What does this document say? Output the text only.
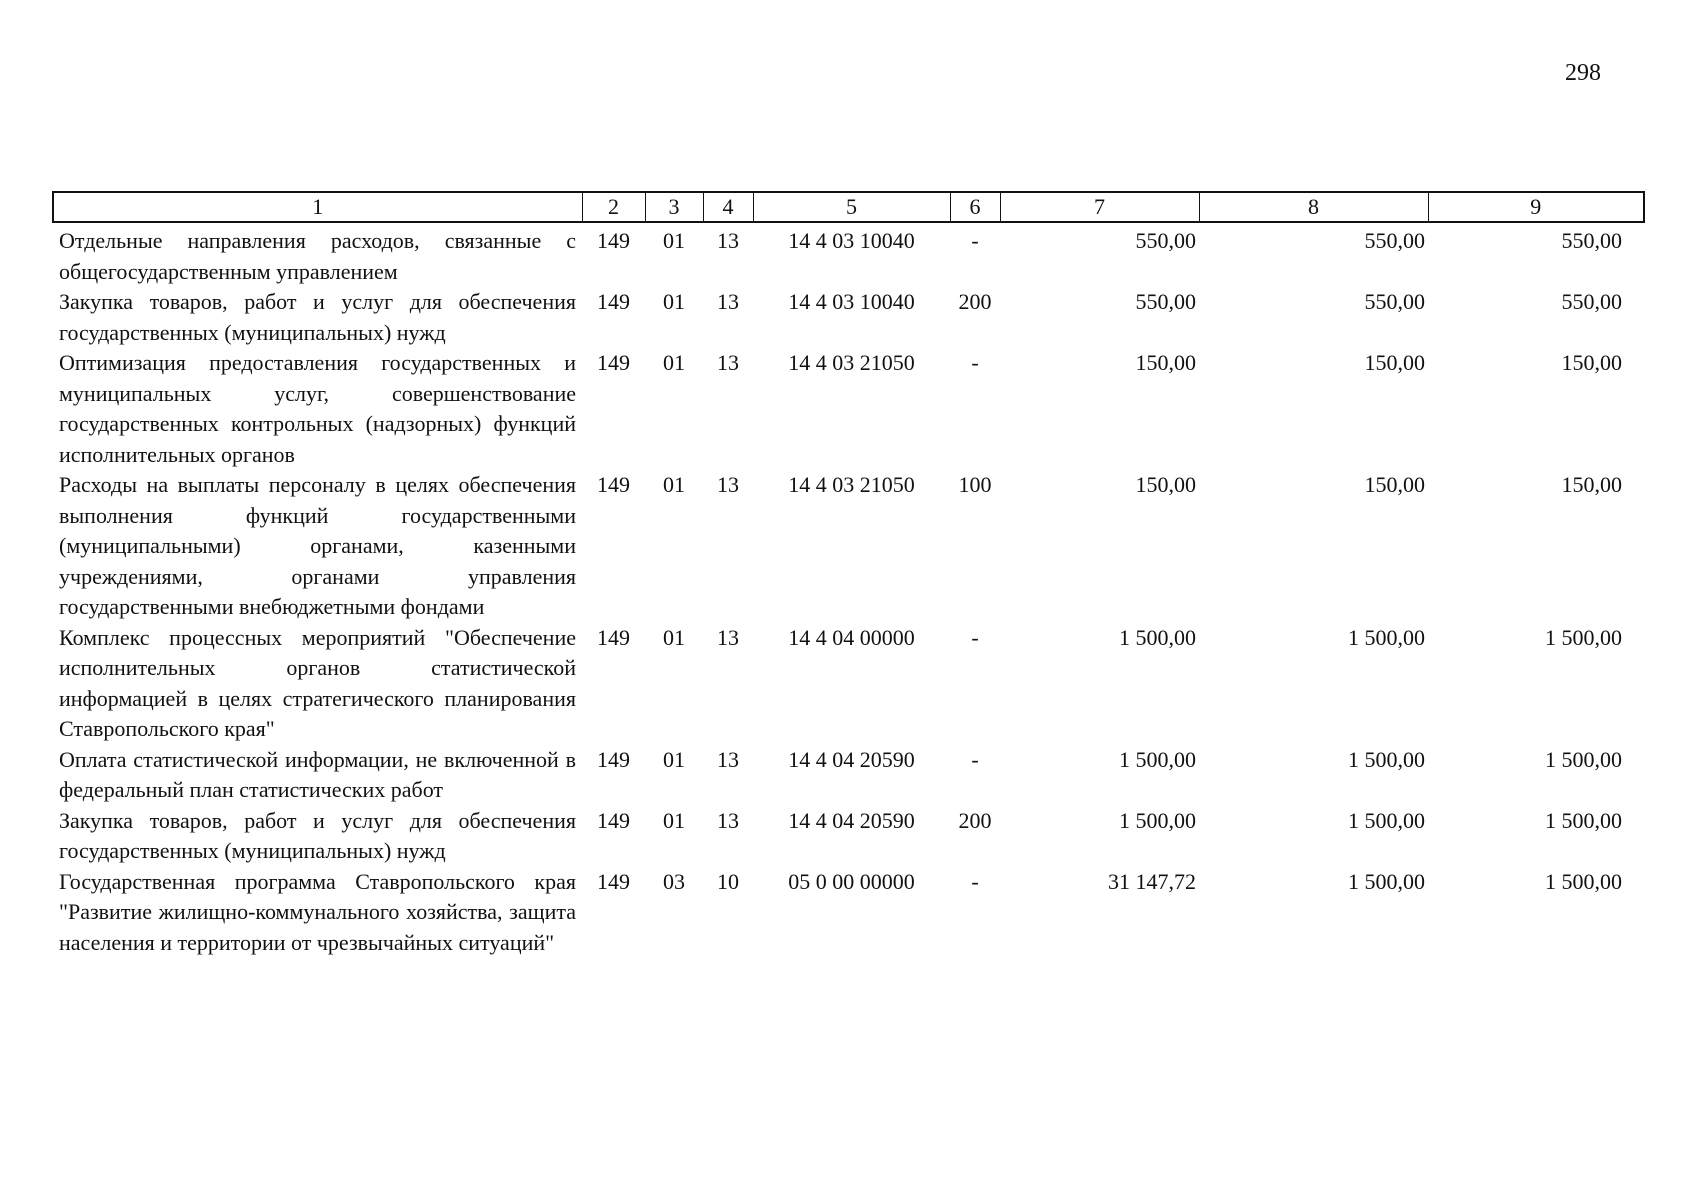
298
1	2	3	4	5	6	7	8	9
Отдельные направления расходов, связанные с общегосударственным управлением	149	01	13	14 4 03 10040	-	550,00	550,00	550,00
Закупка товаров, работ и услуг для обеспечения государственных (муниципальных) нужд	149	01	13	14 4 03 10040	200	550,00	550,00	550,00
Оптимизация предоставления государственных и муниципальных услуг, совершенствование государственных контрольных (надзорных) функций исполнительных органов	149	01	13	14 4 03 21050	-	150,00	150,00	150,00
Расходы на выплаты персоналу в целях обеспечения выполнения функций государственными (муниципальными) органами, казенными учреждениями, органами управления государственными внебюджетными фондами	149	01	13	14 4 03 21050	100	150,00	150,00	150,00
Комплекс процессных мероприятий "Обеспечение исполнительных органов статистической информацией в целях стратегического планирования Ставропольского края"	149	01	13	14 4 04 00000	-	1 500,00	1 500,00	1 500,00
Оплата статистической информации, не включенной в федеральный план статистических работ	149	01	13	14 4 04 20590	-	1 500,00	1 500,00	1 500,00
Закупка товаров, работ и услуг для обеспечения государственных (муниципальных) нужд	149	01	13	14 4 04 20590	200	1 500,00	1 500,00	1 500,00
Государственная программа Ставропольского края "Развитие жилищно-коммунального хозяйства, защита населения и территории от чрезвычайных ситуаций"	149	03	10	05 0 00 00000	-	31 147,72	1 500,00	1 500,00
